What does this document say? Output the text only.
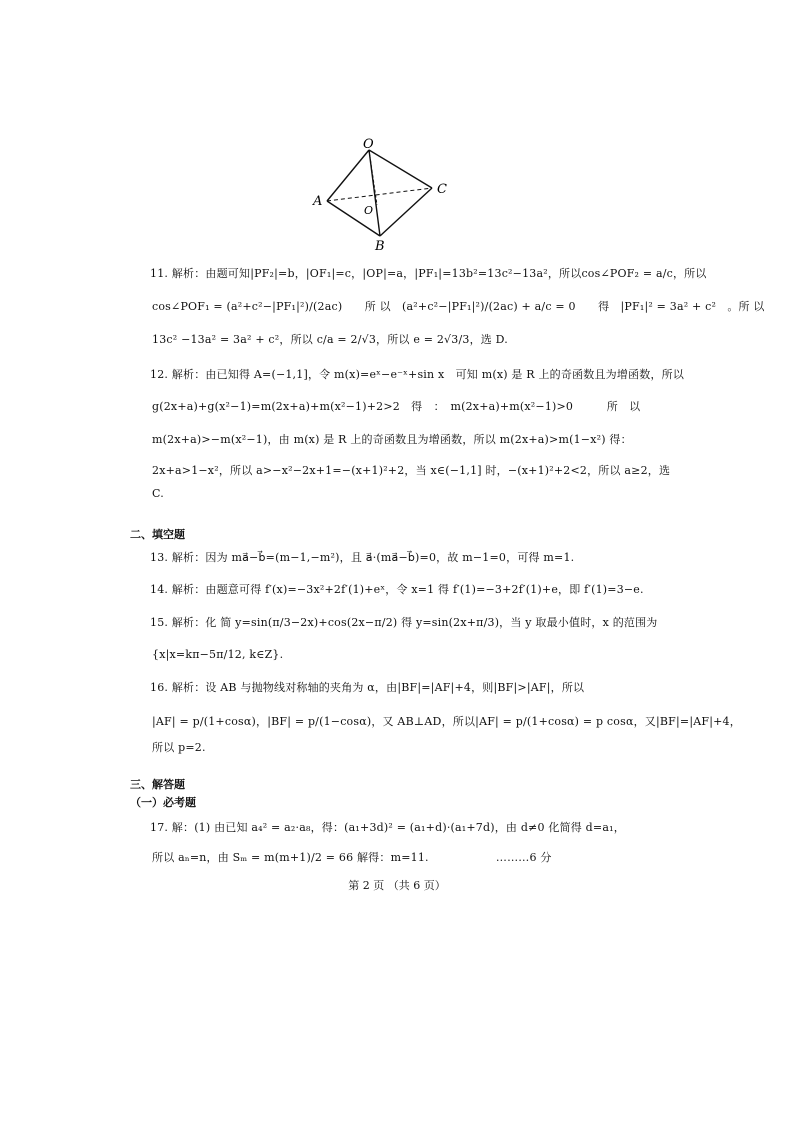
O
A
B
C
O
11. 解析：由题可知|PF₂|=b，|OF₁|=c，|OP|=a，|PF₁|=13b²=13c²−13a²，所以cos∠POF₂ = a/c，所以
cos∠POF₁ = (a²+c²−|PF₁|²)/(2ac)　　所 以　(a²+c²−|PF₁|²)/(2ac) + a/c = 0　　得　|PF₁|² = 3a² + c²　。所 以
13c² −13a² = 3a² + c²，所以 c/a = 2/√3，所以 e = 2√3/3，选 D.
12. 解析：由已知得 A=(−1,1]，令 m(x)=eˣ−e⁻ˣ+sin x　可知 m(x) 是 R 上的奇函数且为增函数，所以
g(2x+a)+g(x²−1)=m(2x+a)+m(x²−1)+2>2　得　：　m(2x+a)+m(x²−1)>0　　　所　以
m(2x+a)>−m(x²−1)，由 m(x) 是 R 上的奇函数且为增函数，所以 m(2x+a)>m(1−x²) 得：
2x+a>1−x²，所以 a>−x²−2x+1=−(x+1)²+2，当 x∈(−1,1] 时，−(x+1)²+2<2，所以 a≥2，选
C.
二、填空题
13. 解析：因为 ma⃗−b⃗=(m−1,−m²)，且 a⃗·(ma⃗−b⃗)=0，故 m−1=0，可得 m=1.
14. 解析：由题意可得 f′(x)=−3x²+2f′(1)+eˣ，令 x=1 得 f′(1)=−3+2f′(1)+e，即 f′(1)=3−e.
15. 解析：化 简 y=sin(π/3−2x)+cos(2x−π/2) 得 y=sin(2x+π/3)，当 y 取最小值时，x 的范围为
{x|x=kπ−5π/12, k∈Z}.
16. 解析：设 AB 与抛物线对称轴的夹角为 α，由|BF|=|AF|+4，则|BF|>|AF|，所以
|AF| = p/(1+cosα)，|BF| = p/(1−cosα)，又 AB⊥AD，所以|AF| = p/(1+cosα) = p cosα，又|BF|=|AF|+4，
所以 p=2.
三、解答题
（一）必考题
17. 解：(1) 由已知 a₄² = a₂·a₈，得：(a₁+3d)² = (a₁+d)·(a₁+7d)，由 d≠0 化简得 d=a₁，
所以 aₙ=n，由 Sₘ = m(m+1)/2 = 66 解得：m=11.　　　　　　………6 分
第 2 页 （共 6 页）
